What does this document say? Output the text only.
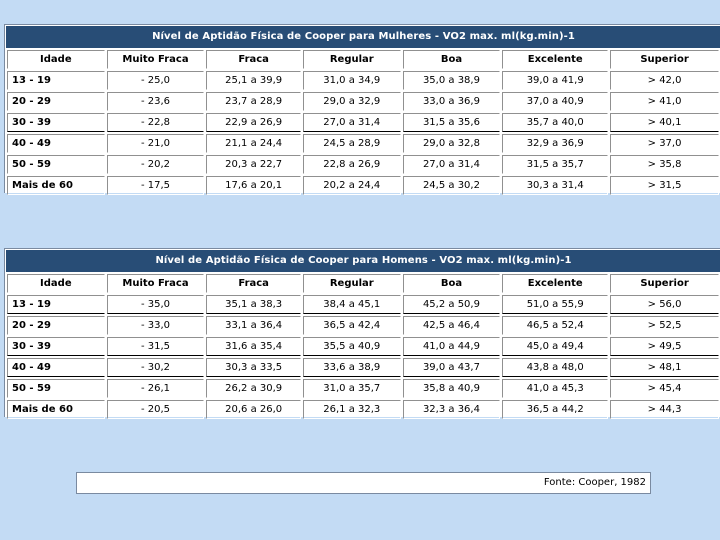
Nível de Aptidão Física de Cooper para Mulheres - VO2 max. ml(kg.min)-1
Idade	Muito Fraca	Fraca	Regular	Boa	Excelente	Superior
13 - 19	- 25,0	25,1 a 39,9	31,0 a 34,9	35,0 a 38,9	39,0 a 41,9	> 42,0
20 - 29	- 23,6	23,7 a 28,9	29,0 a 32,9	33,0 a 36,9	37,0 a 40,9	> 41,0
30 - 39	- 22,8	22,9 a 26,9	27,0 a 31,4	31,5 a 35,6	35,7 a 40,0	> 40,1
40 - 49	- 21,0	21,1 a 24,4	24,5 a 28,9	29,0 a 32,8	32,9 a 36,9	> 37,0
50 - 59	- 20,2	20,3 a 22,7	22,8 a 26,9	27,0 a 31,4	31,5 a 35,7	> 35,8
Mais de 60	- 17,5	17,6 a 20,1	20,2 a 24,4	24,5 a 30,2	30,3 a 31,4	> 31,5
Nível de Aptidão Física de Cooper para Homens - VO2 max. ml(kg.min)-1
Idade	Muito Fraca	Fraca	Regular	Boa	Excelente	Superior
13 - 19	- 35,0	35,1 a 38,3	38,4 a 45,1	45,2 a 50,9	51,0 a 55,9	> 56,0
20 - 29	- 33,0	33,1 a 36,4	36,5 a 42,4	42,5 a 46,4	46,5 a 52,4	> 52,5
30 - 39	- 31,5	31,6 a 35,4	35,5 a 40,9	41,0 a 44,9	45,0 a 49,4	> 49,5
40 - 49	- 30,2	30,3 a 33,5	33,6 a 38,9	39,0 a 43,7	43,8 a 48,0	> 48,1
50 - 59	- 26,1	26,2 a 30,9	31,0 a 35,7	35,8 a 40,9	41,0 a 45,3	> 45,4
Mais de 60	- 20,5	20,6 a 26,0	26,1 a 32,3	32,3 a 36,4	36,5 a 44,2	> 44,3
Fonte: Cooper, 1982
